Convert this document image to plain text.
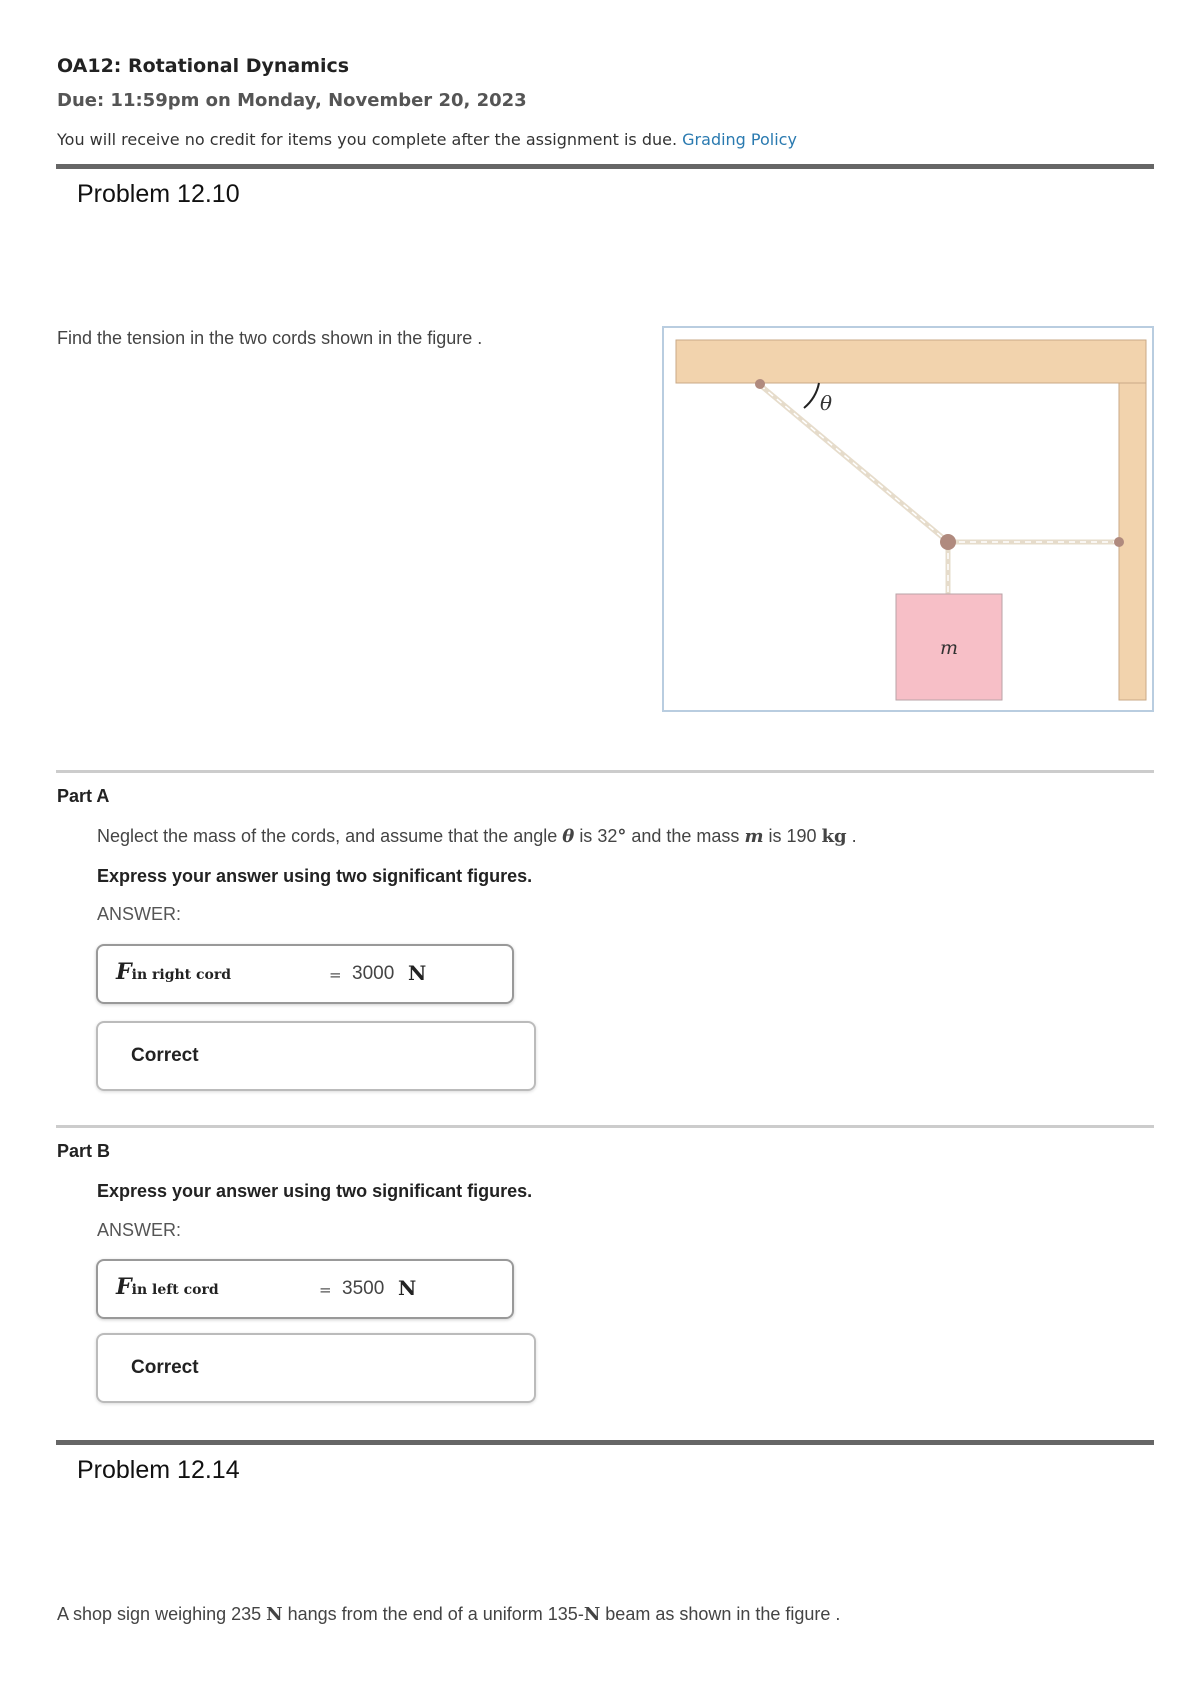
OA12: Rotational Dynamics
Due: 11:59pm on Monday, November 20, 2023
You will receive no credit for items you complete after the assignment is due. Grading Policy
Problem 12.10
Find the tension in the two cords shown in the figure .
θ
m
Part A
Neglect the mass of the cords, and assume that the angle θ is 32° and the mass m is 190 kg .
Express your answer using two significant figures.
ANSWER:
Fin right cord	= 3000 N
Correct
Part B
Express your answer using two significant figures.
ANSWER:
Fin left cord	= 3500 N
Correct
Problem 12.14
A shop sign weighing 235 N hangs from the end of a uniform 135-N beam as shown in the figure .
